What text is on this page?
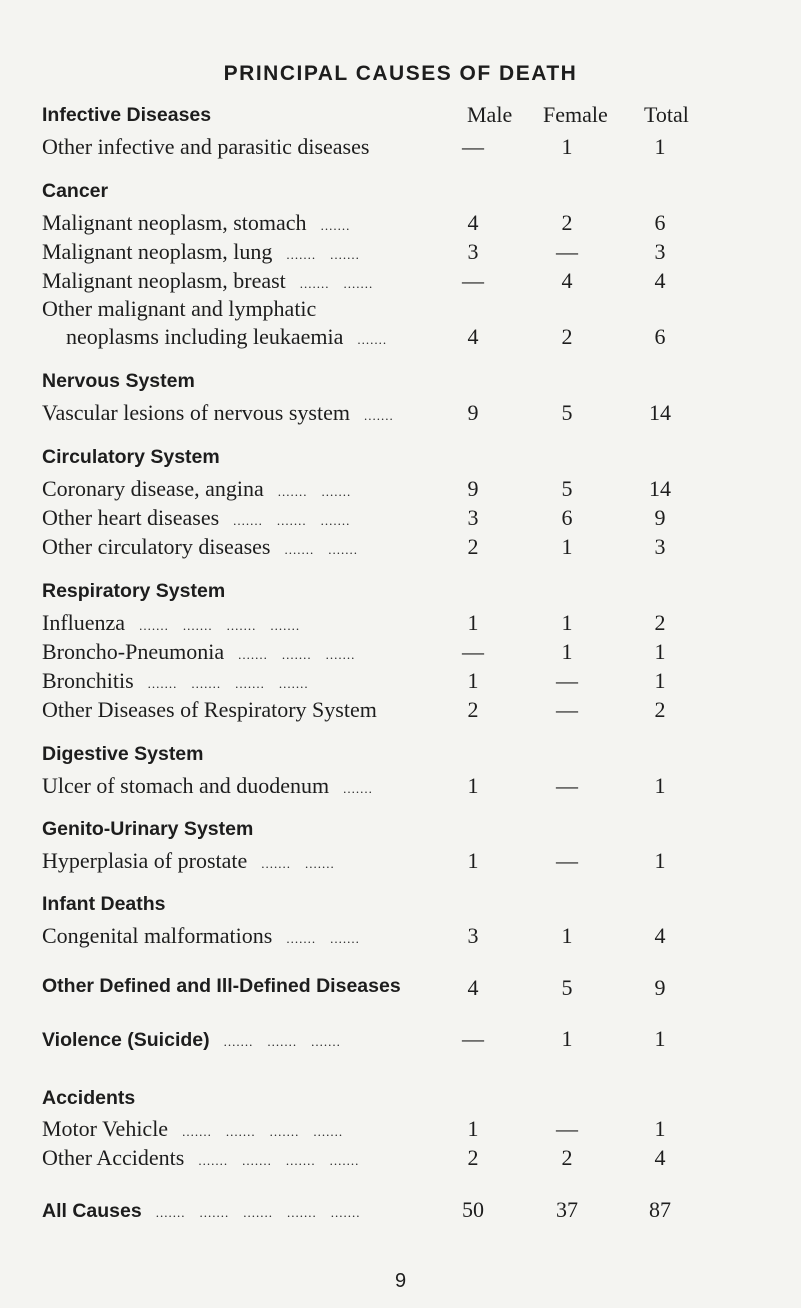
PRINCIPAL CAUSES OF DEATH
Male Female Total
Infective Diseases
Other infective and parasitic diseases	—	1	1
Cancer
Malignant neoplasm, stomach .......	4	2	6
Malignant neoplasm, lung ....... .......	3	—	3
Malignant neoplasm, breast ....... .......	—	4	4
Other malignant and lymphatic
neoplasms including leukaemia .......	4	2	6
Nervous System
Vascular lesions of nervous system .......	9	5	14
Circulatory System
Coronary disease, angina ....... .......	9	5	14
Other heart diseases ....... ....... .......	3	6	9
Other circulatory diseases ....... .......	2	1	3
Respiratory System
Influenza ....... ....... ....... .......	1	1	2
Broncho-Pneumonia ....... ....... .......	—	1	1
Bronchitis ....... ....... ....... .......	1	—	1
Other Diseases of Respiratory System	2	—	2
Digestive System
Ulcer of stomach and duodenum .......	1	—	1
Genito-Urinary System
Hyperplasia of prostate ....... .......	1	—	1
Infant Deaths
Congenital malformations ....... .......	3	1	4
Other Defined and Ill-Defined Diseases	4	5	9
Violence (Suicide) ....... ....... .......	—	1	1
Accidents
Motor Vehicle ....... ....... ....... .......	1	—	1
Other Accidents ....... ....... ....... .......	2	2	4
All Causes ....... ....... ....... ....... .......	50	37	87
9
